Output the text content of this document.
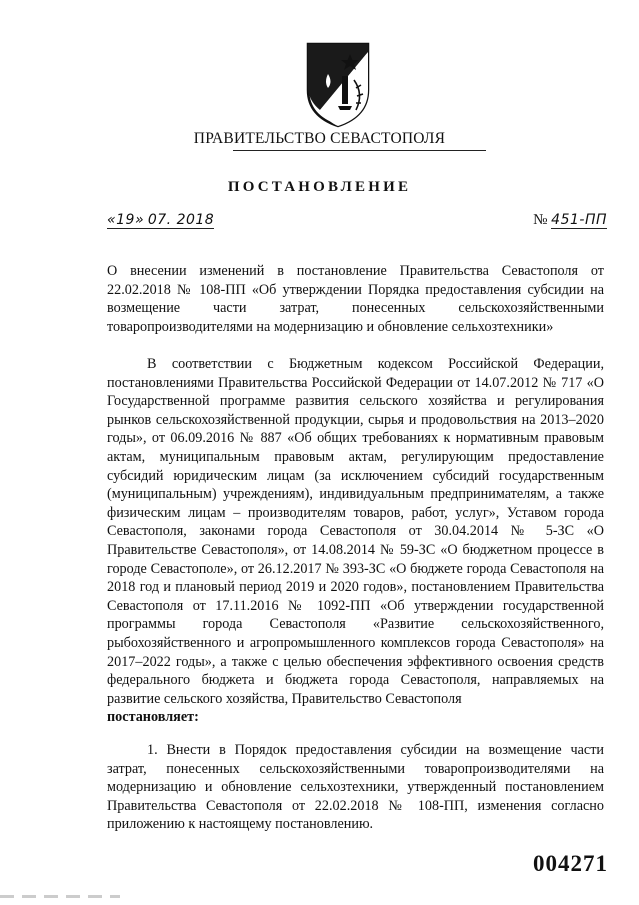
ПРАВИТЕЛЬСТВО СЕВАСТОПОЛЯ
ПОСТАНОВЛЕНИЕ
«19» 07. 2018	№ 451-ПП
О внесении изменений в постановление Правительства Севастополя от 22.02.2018 № 108-ПП «Об утверждении Порядка предоставления субсидии на возмещение части затрат, понесенных сельскохозяйственными товаропроизводителями на модернизацию и обновление сельхозтехники»
В соответствии с Бюджетным кодексом Российской Федерации, постановлениями Правительства Российской Федерации от 14.07.2012 № 717 «О Государственной программе развития сельского хозяйства и регулирования рынков сельскохозяйственной продукции, сырья и продовольствия на 2013–2020 годы», от 06.09.2016 № 887 «Об общих требованиях к нормативным правовым актам, муниципальным правовым актам, регулирующим предоставление субсидий юридическим лицам (за исключением субсидий государственным (муниципальным) учреждениям), индивидуальным предпринимателям, а также физическим лицам – производителям товаров, работ, услуг», Уставом города Севастополя, законами города Севастополя от 30.04.2014 № 5-ЗС «О Правительстве Севастополя», от 14.08.2014 № 59-ЗС «О бюджетном процессе в городе Севастополе», от 26.12.2017 № 393-ЗС «О бюджете города Севастополя на 2018 год и плановый период 2019 и 2020 годов», постановлением Правительства Севастополя от 17.11.2016 № 1092-ПП «Об утверждении государственной программы города Севастополя «Развитие сельскохозяйственного, рыбохозяйственного и агропромышленного комплексов города Севастополя» на 2017–2022 годы», а также с целью обеспечения эффективного освоения средств федерального бюджета и бюджета города Севастополя, направляемых на развитие сельского хозяйства, Правительство Севастополя
постановляет:
1. Внести в Порядок предоставления субсидии на возмещение части затрат, понесенных сельскохозяйственными товаропроизводителями на модернизацию и обновление сельхозтехники, утвержденный постановлением Правительства Севастополя от 22.02.2018 № 108-ПП, изменения согласно приложению к настоящему постановлению.
004271
